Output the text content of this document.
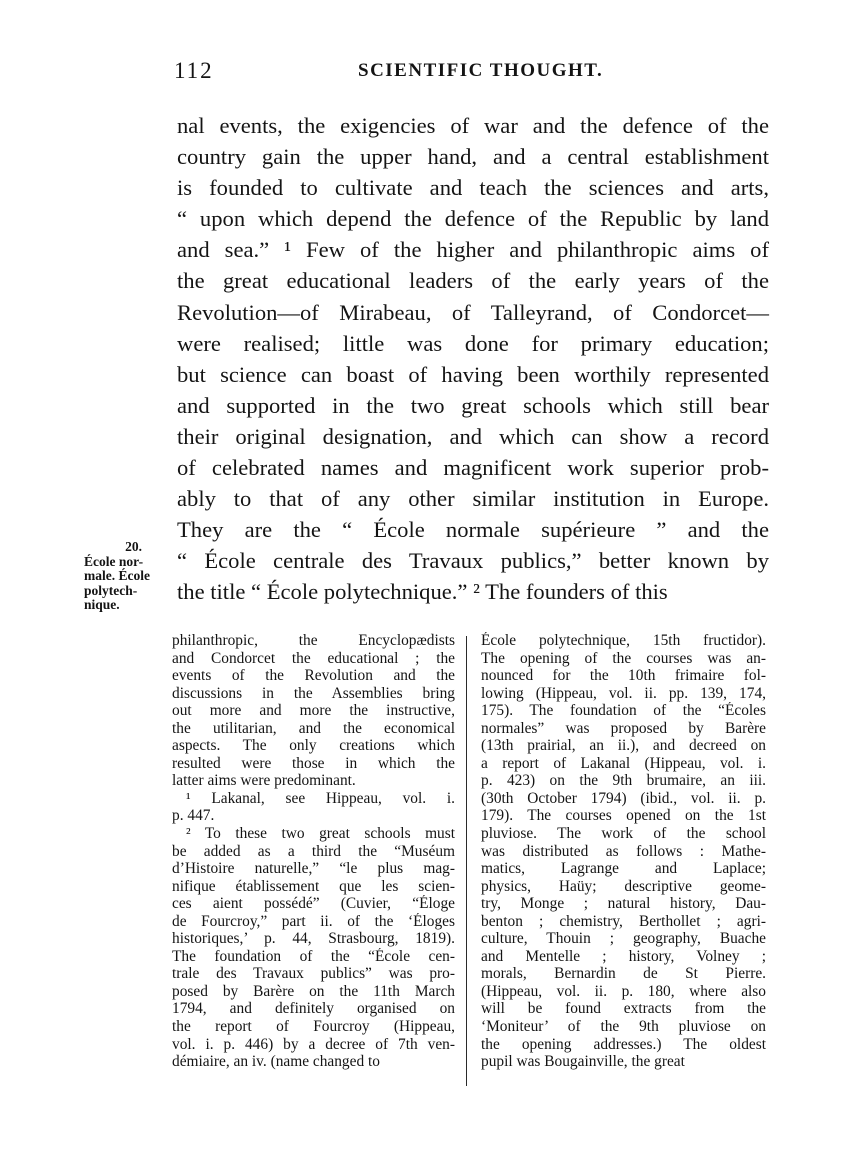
112	SCIENTIFIC THOUGHT.
nal events, the exigencies of war and the defence of the
country gain the upper hand, and a central establishment
is founded to cultivate and teach the sciences and arts,
“ upon which depend the defence of the Republic by land
and sea.” ¹ Few of the higher and philanthropic aims of
the great educational leaders of the early years of the
Revolution—of Mirabeau, of Talleyrand, of Condorcet—
were realised; little was done for primary education;
but science can boast of having been worthily represented
and supported in the two great schools which still bear
their original designation, and which can show a record
of celebrated names and magnificent work superior prob-
ably to that of any other similar institution in Europe.
They are the “ École normale supérieure ” and the
“ École centrale des Travaux publics,” better known by
the title “ École polytechnique.” ² The founders of this
20.
École nor-
male. École
polytech-
nique.
philanthropic, the Encyclopædists
and Condorcet the educational ; the
events of the Revolution and the
discussions in the Assemblies bring
out more and more the instructive,
the utilitarian, and the economical
aspects. The only creations which
resulted were those in which the
latter aims were predominant.
¹ Lakanal, see Hippeau, vol. i.
p. 447.
² To these two great schools must
be added as a third the “Muséum
d’Histoire naturelle,” “le plus mag-
nifique établissement que les scien-
ces aient possédé” (Cuvier, “Éloge
de Fourcroy,” part ii. of the ‘Éloges
historiques,’ p. 44, Strasbourg, 1819).
The foundation of the “École cen-
trale des Travaux publics” was pro-
posed by Barère on the 11th March
1794, and definitely organised on
the report of Fourcroy (Hippeau,
vol. i. p. 446) by a decree of 7th ven-
démiaire, an iv. (name changed to
École polytechnique, 15th fructidor).
The opening of the courses was an-
nounced for the 10th frimaire fol-
lowing (Hippeau, vol. ii. pp. 139, 174,
175). The foundation of the “Écoles
normales” was proposed by Barère
(13th prairial, an ii.), and decreed on
a report of Lakanal (Hippeau, vol. i.
p. 423) on the 9th brumaire, an iii.
(30th October 1794) (ibid., vol. ii. p.
179). The courses opened on the 1st
pluviose. The work of the school
was distributed as follows : Mathe-
matics, Lagrange and Laplace;
physics, Haüy; descriptive geome-
try, Monge ; natural history, Dau-
benton ; chemistry, Berthollet ; agri-
culture, Thouin ; geography, Buache
and Mentelle ; history, Volney ;
morals, Bernardin de St Pierre.
(Hippeau, vol. ii. p. 180, where also
will be found extracts from the
‘Moniteur’ of the 9th pluviose on
the opening addresses.) The oldest
pupil was Bougainville, the great
